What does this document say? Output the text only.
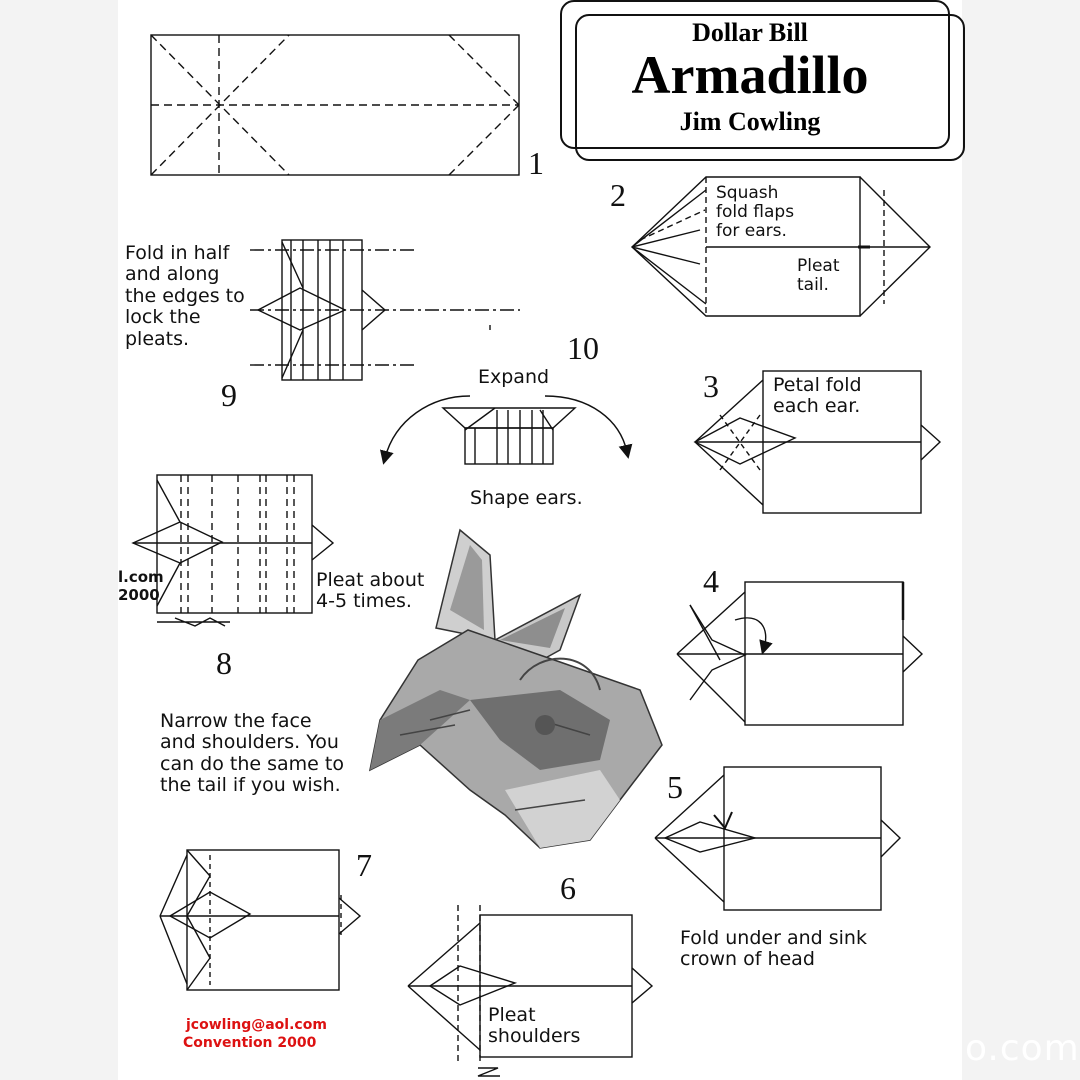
Dollar Bill
Armadillo
Jim Cowling
1
2
3
4
5
6
7
8
9
10
Squash fold flaps for ears.
Pleat tail.
Petal fold each ear.
Fold under and sink crown of head
Pleat shoulders
Narrow the face and shoulders. You can do the same to the tail if you wish.
Pleat about 4-5 times.
Fold in half and along the edges to lock the pleats.
Expand
Shape ears.
jcowling@aol.com
Convention 2000
l.com
2000
o.com
